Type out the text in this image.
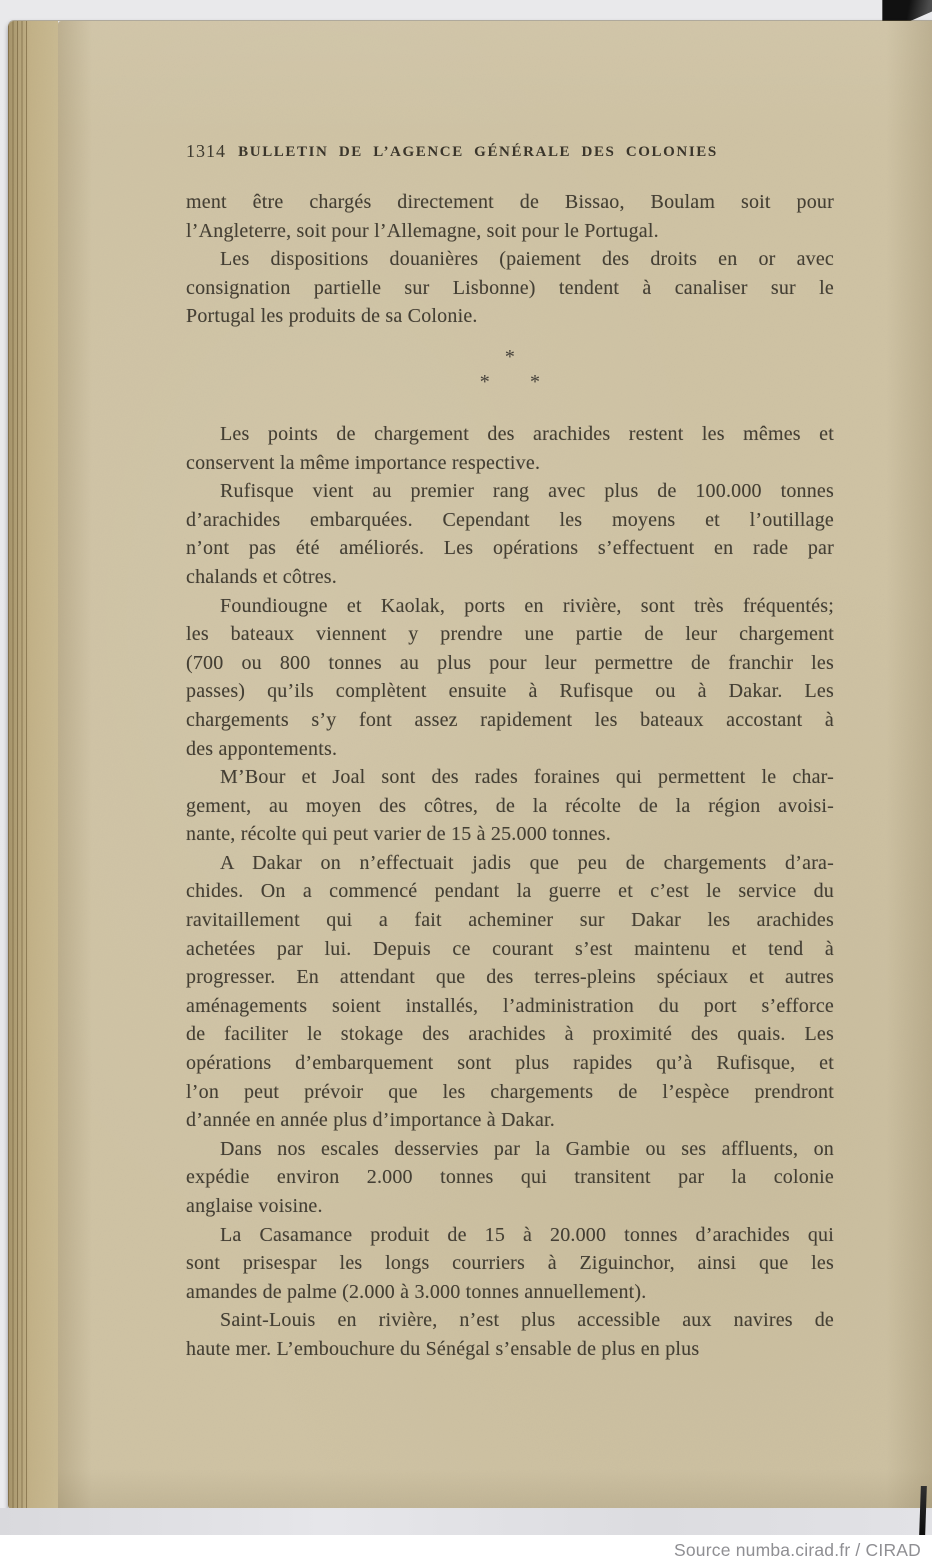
1314 BULLETIN DE L’AGENCE GÉNÉRALE DES COLONIES
ment être chargés directement de Bissao, Boulam soit pour
l’Angleterre, soit pour l’Allemagne, soit pour le Portugal.
Les dispositions douanières (paiement des droits en or avec
consignation partielle sur Lisbonne) tendent à canaliser sur le
Portugal les produits de sa Colonie.
*
* *
Les points de chargement des arachides restent les mêmes et
conservent la même importance respective.
Rufisque vient au premier rang avec plus de 100.000 tonnes
d’arachides embarquées. Cependant les moyens et l’outillage
n’ont pas été améliorés. Les opérations s’effectuent en rade par
chalands et côtres.
Foundiougne et Kaolak, ports en rivière, sont très fréquentés;
les bateaux viennent y prendre une partie de leur chargement
(700 ou 800 tonnes au plus pour leur permettre de franchir les
passes) qu’ils complètent ensuite à Rufisque ou à Dakar. Les
chargements s’y font assez rapidement les bateaux accostant à
des appontements.
M’Bour et Joal sont des rades foraines qui permettent le char-
gement, au moyen des côtres, de la récolte de la région avoisi-
nante, récolte qui peut varier de 15 à 25.000 tonnes.
A Dakar on n’effectuait jadis que peu de chargements d’ara-
chides. On a commencé pendant la guerre et c’est le service du
ravitaillement qui a fait acheminer sur Dakar les arachides
achetées par lui. Depuis ce courant s’est maintenu et tend à
progresser. En attendant que des terres-pleins spéciaux et autres
aménagements soient installés, l’administration du port s’efforce
de faciliter le stokage des arachides à proximité des quais. Les
opérations d’embarquement sont plus rapides qu’à Rufisque, et
l’on peut prévoir que les chargements de l’espèce prendront
d’année en année plus d’importance à Dakar.
Dans nos escales desservies par la Gambie ou ses affluents, on
expédie environ 2.000 tonnes qui transitent par la colonie
anglaise voisine.
La Casamance produit de 15 à 20.000 tonnes d’arachides qui
sont prisespar les longs courriers à Ziguinchor, ainsi que les
amandes de palme (2.000 à 3.000 tonnes annuellement).
Saint-Louis en rivière, n’est plus accessible aux navires de
haute mer. L’embouchure du Sénégal s’ensable de plus en plus
Source numba.cirad.fr / CIRAD
